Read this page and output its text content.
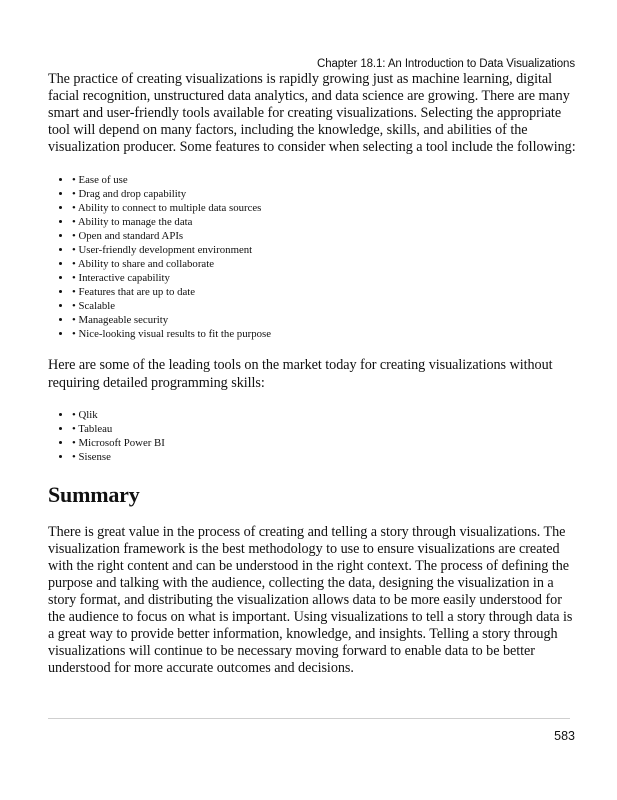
Chapter 18.1: An Introduction to Data Visualizations

The practice of creating visualizations is rapidly growing just as machine learning, digital facial recognition, unstructured data analytics, and data science are growing. There are many smart and user-friendly tools available for creating visualizations. Selecting the appropriate tool will depend on many factors, including the knowledge, skills, and abilities of the visualization producer. Some features to consider when selecting a tool include the following:

• • Ease of use
• • Drag and drop capability
• • Ability to connect to multiple data sources
• • Ability to manage the data
• • Open and standard APIs
• • User-friendly development environment
• • Ability to share and collaborate
• • Interactive capability
• • Features that are up to date
• • Scalable
• • Manageable security
• • Nice-looking visual results to fit the purpose

Here are some of the leading tools on the market today for creating visualizations without requiring detailed programming skills:

• • Qlik
• • Tableau
• • Microsoft Power BI
• • Sisense
Summary

There is great value in the process of creating and telling a story through visualizations. The visualization framework is the best methodology to use to ensure visualizations are created with the right content and can be understood in the right context. The process of defining the purpose and talking with the audience, collecting the data, designing the visualization in a story format, and distributing the visualization allows data to be more easily understood for the audience to focus on what is important. Using visualizations to tell a story through data is a great way to provide better information, knowledge, and insights. Telling a story through visualizations will continue to be necessary moving forward to enable data to be better understood for more accurate outcomes and decisions.

583
